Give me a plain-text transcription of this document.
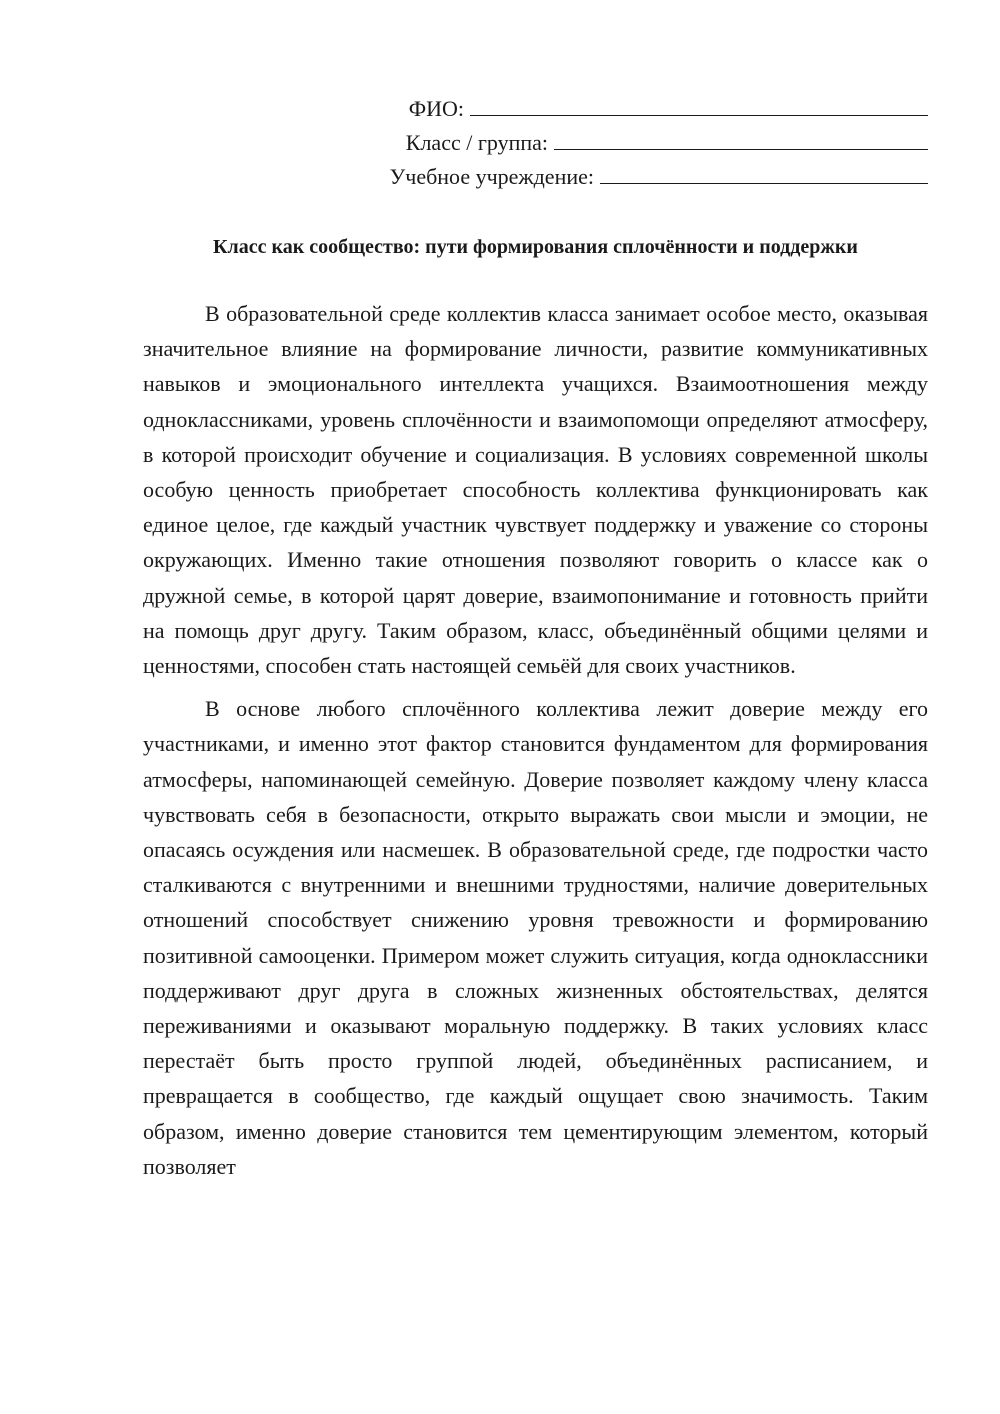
ФИО:
Класс / группа:
Учебное учреждение:
Класс как сообщество: пути формирования сплочённости и поддержки

В образовательной среде коллектив класса занимает особое место, оказывая значительное влияние на формирование личности, развитие коммуникативных навыков и эмоционального интеллекта учащихся. Взаимоотношения между одноклассниками, уровень сплочённости и взаимопомощи определяют атмосферу, в которой происходит обучение и социализация. В условиях современной школы особую ценность приобретает способность коллектива функционировать как единое целое, где каждый участник чувствует поддержку и уважение со стороны окружающих. Именно такие отношения позволяют говорить о классе как о дружной семье, в которой царят доверие, взаимопонимание и готовность прийти на помощь друг другу. Таким образом, класс, объединённый общими целями и ценностями, способен стать настоящей семьёй для своих участников.

В основе любого сплочённого коллектива лежит доверие между его участниками, и именно этот фактор становится фундаментом для формирования атмосферы, напоминающей семейную. Доверие позволяет каждому члену класса чувствовать себя в безопасности, открыто выражать свои мысли и эмоции, не опасаясь осуждения или насмешек. В образовательной среде, где подростки часто сталкиваются с внутренними и внешними трудностями, наличие доверительных отношений способствует снижению уровня тревожности и формированию позитивной самооценки. Примером может служить ситуация, когда одноклассники поддерживают друг друга в сложных жизненных обстоятельствах, делятся переживаниями и оказывают моральную поддержку. В таких условиях класс перестаёт быть просто группой людей, объединённых расписанием, и превращается в сообщество, где каждый ощущает свою значимость. Таким образом, именно доверие становится тем цементирующим элементом, который позволяет
